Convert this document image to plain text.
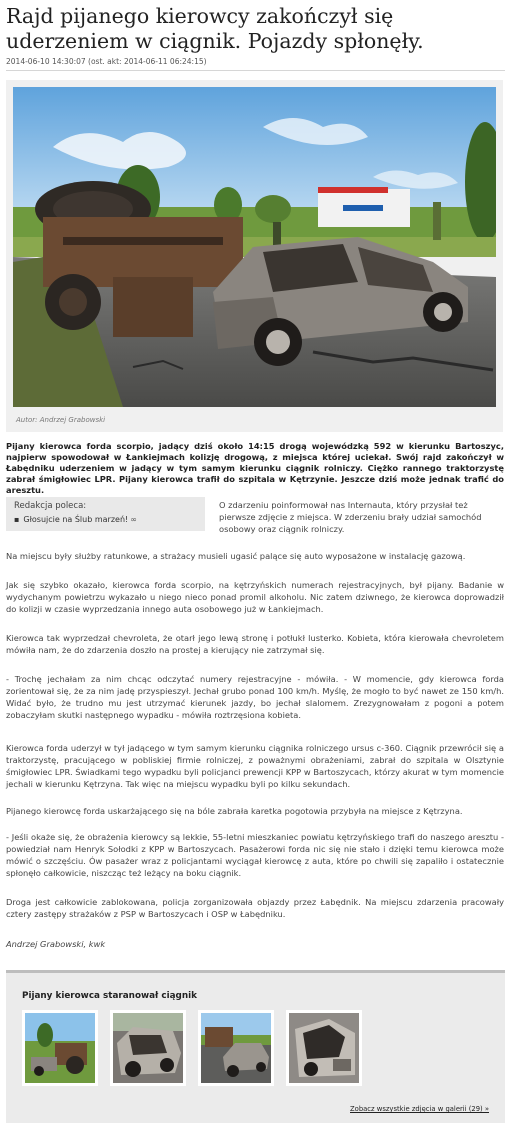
Rajd pijanego kierowcy zakończył się uderzeniem w ciągnik. Pojazdy spłonęły.
2014-06-10 14:30:07 (ost. akt: 2014-06-11 06:24:15)
Autor: Andrzej Grabowski

Pijany kierowca forda scorpio, jadący dziś około 14:15 drogą wojewódzką 592 w kierunku Bartoszyc, najpierw spowodował w Łankiejmach kolizję drogową, z miejsca której uciekał. Swój rajd zakończył w Łabędniku uderzeniem w jadący w tym samym kierunku ciągnik rolniczy. Ciężko rannego traktorzystę zabrał śmigłowiec LPR. Pijany kierowca trafił do szpitala w Kętrzynie. Jeszcze dziś może jednak trafić do aresztu.

Redakcja poleca:
▪ Głosujcie na Ślub marzeń! ∞

O zdarzeniu poinformował nas Internauta, który przysłał też pierwsze zdjęcie z miejsca. W zderzeniu brały udział samochód osobowy oraz ciągnik rolniczy.

Na miejscu były służby ratunkowe, a strażacy musieli ugasić palące się auto wyposażone w instalację gazową.

Jak się szybko okazało, kierowca forda scorpio, na kętrzyńskich numerach rejestracyjnych, był pijany. Badanie w wydychanym powietrzu wykazało u niego nieco ponad promil alkoholu. Nic zatem dziwnego, że kierowca doprowadził do kolizji w czasie wyprzedzania innego auta osobowego już w Łankiejmach.

Kierowca tak wyprzedzał chevroleta, że otarł jego lewą stronę i potłukł lusterko. Kobieta, która kierowała chevroletem mówiła nam, że do zdarzenia doszło na prostej a kierujący nie zatrzymał się.

- Trochę jechałam za nim chcąc odczytać numery rejestracyjne - mówiła. - W momencie, gdy kierowca forda zorientował się, że za nim jadę przyspieszył. Jechał grubo ponad 100 km/h. Myślę, że mogło to być nawet ze 150 km/h. Widać było, że trudno mu jest utrzymać kierunek jazdy, bo jechał slalomem. Zrezygnowałam z pogoni a potem zobaczyłam skutki następnego wypadku - mówiła roztrzęsiona kobieta.

Kierowca forda uderzył w tył jadącego w tym samym kierunku ciągnika rolniczego ursus c-360. Ciągnik przewrócił się a traktorzystę, pracującego w pobliskiej firmie rolniczej, z poważnymi obrażeniami, zabrał do szpitala w Olsztynie śmigłowiec LPR. Świadkami tego wypadku byli policjanci prewencji KPP w Bartoszycach, którzy akurat w tym momencie jechali w kierunku Kętrzyna. Tak więc na miejscu wypadku byli po kilku sekundach.

Pijanego kierowcę forda uskarżającego się na bóle zabrała karetka pogotowia przybyła na miejsce z Kętrzyna.

- Jeśli okaże się, że obrażenia kierowcy są lekkie, 55-letni mieszkaniec powiatu kętrzyńskiego trafi do naszego aresztu - powiedział nam Henryk Sołodki z KPP w Bartoszycach. Pasażerowi forda nic się nie stało i dzięki temu kierowca może mówić o szczęściu. Ów pasażer wraz z policjantami wyciągał kierowcę z auta, które po chwili się zapaliło i ostatecznie spłonęło całkowicie, niszcząc też leżący na boku ciągnik.

Droga jest całkowicie zablokowana, policja zorganizowała objazdy przez Łabędnik. Na miejscu zdarzenia pracowały cztery zastępy strażaków z PSP w Bartoszycach i OSP w Łabędniku.

Andrzej Grabowski, kwk
Pijany kierowca staranował ciągnik
Zobacz wszystkie zdjęcia w galerii (29) »
